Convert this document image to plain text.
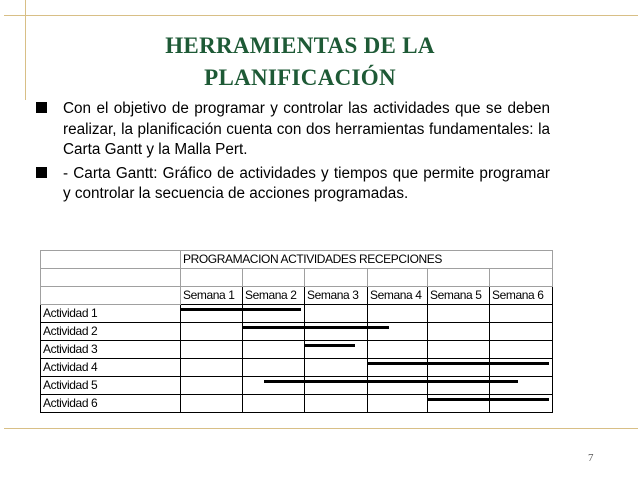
HERRAMIENTAS DE LA
PLANIFICACIÓN
Con el objetivo de programar y controlar las actividades que se deben realizar, la planificación cuenta con dos herramientas fundamentales: la Carta Gantt y la Malla Pert.
- Carta Gantt: Gráfico de actividades y tiempos que permite programar y controlar la secuencia de acciones programadas.
	PROGRAMACION ACTIVIDADES RECEPCIONES					

	Semana 1	Semana 2	Semana 3	Semana 4	Semana 5	Semana 6
Actividad 1						
Actividad 2						
Actividad 3						
Actividad 4						
Actividad 5						
Actividad 6						
7
